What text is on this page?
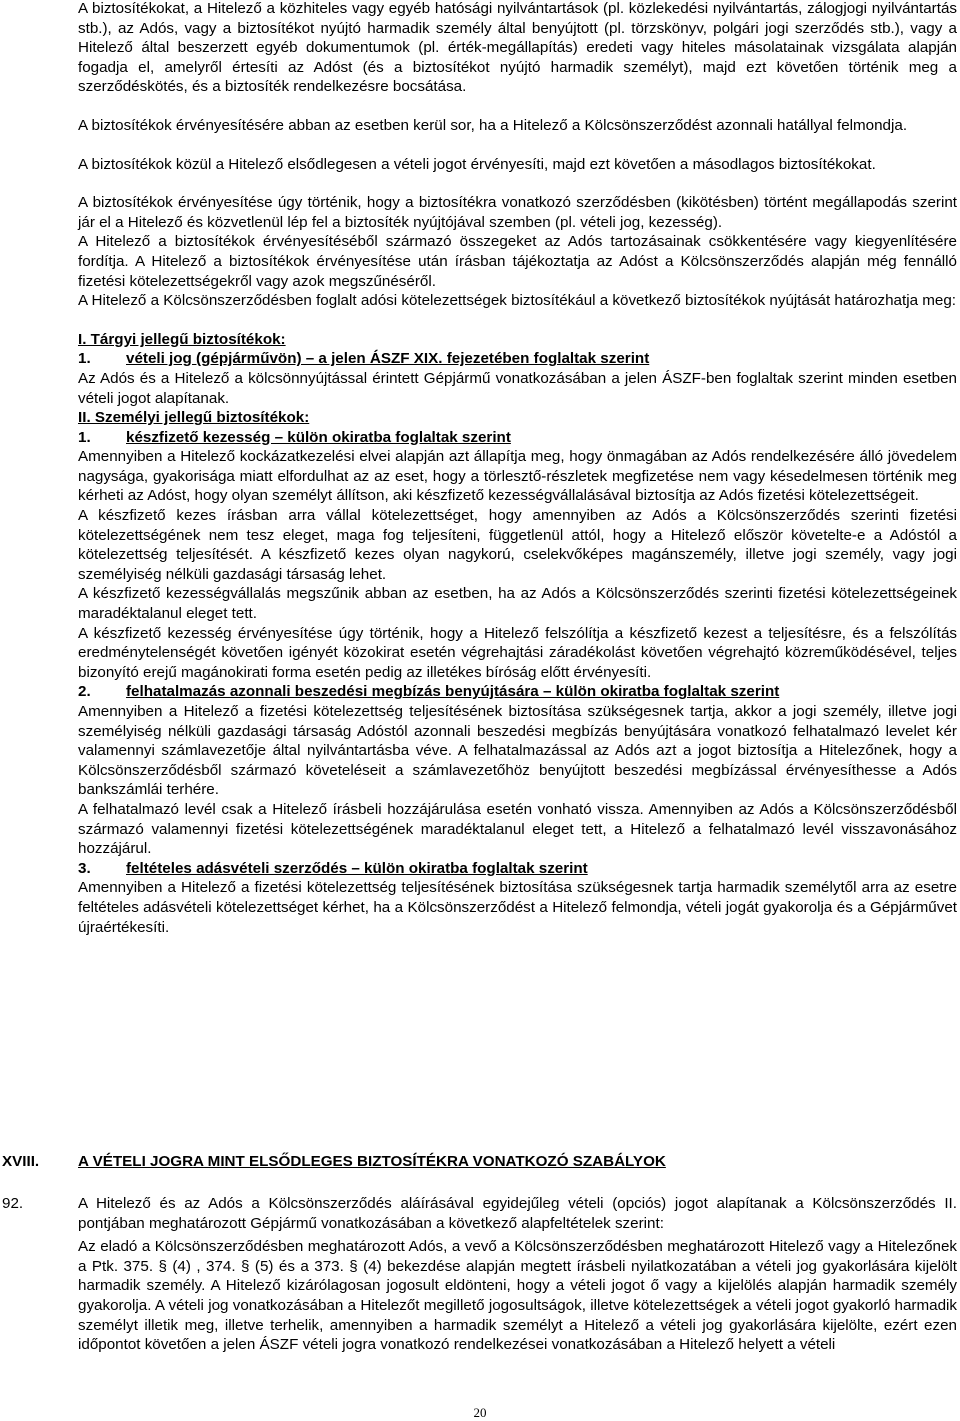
A biztosítékokat, a Hitelező a közhiteles vagy egyéb hatósági nyilvántartások (pl. közlekedési nyilvántartás, zálogjogi nyilvántartás stb.), az Adós, vagy a biztosítékot nyújtó harmadik személy által benyújtott (pl. törzskönyv, polgári jogi szerződés stb.), vagy a Hitelező által beszerzett egyéb dokumentumok (pl. érték-megállapítás) eredeti vagy hiteles másolatainak vizsgálata alapján fogadja el, amelyről értesíti az Adóst (és a biztosítékot nyújtó harmadik személyt), majd ezt követően történik meg a szerződéskötés, és a biztosíték rendelkezésre bocsátása.

A biztosítékok érvényesítésére abban az esetben kerül sor, ha a Hitelező a Kölcsönszerződést azonnali hatállyal felmondja.

A biztosítékok közül a Hitelező elsődlegesen a vételi jogot érvényesíti, majd ezt követően a másodlagos biztosítékokat.

A biztosítékok érvényesítése úgy történik, hogy a biztosítékra vonatkozó szerződésben (kikötésben) történt megállapodás szerint jár el a Hitelező és közvetlenül lép fel a biztosíték nyújtójával szemben (pl. vételi jog, kezesség).

A Hitelező a biztosítékok érvényesítéséből származó összegeket az Adós tartozásainak csökkentésére vagy kiegyenlítésére fordítja. A Hitelező a biztosítékok érvényesítése után írásban tájékoztatja az Adóst a Kölcsönszerződés alapján még fennálló fizetési kötelezettségekről vagy azok megszűnéséről.

A Hitelező a Kölcsönszerződésben foglalt adósi kötelezettségek biztosítékául a következő biztosítékok nyújtását határozhatja meg:

I. Tárgyi jellegű biztosítékok:

1. vételi jog (gépjárművön) – a jelen ÁSZF XIX. fejezetében foglaltak szerint

Az Adós és a Hitelező a kölcsönnyújtással érintett Gépjármű vonatkozásában a jelen ÁSZF-ben foglaltak szerint minden esetben vételi jogot alapítanak.

II. Személyi jellegű biztosítékok:

1. készfizető kezesség – külön okiratba foglaltak szerint

Amennyiben a Hitelező kockázatkezelési elvei alapján azt állapítja meg, hogy önmagában az Adós rendelkezésére álló jövedelem nagysága, gyakorisága miatt elfordulhat az az eset, hogy a törlesztő-részletek megfizetése nem vagy késedelmesen történik meg kérheti az Adóst, hogy olyan személyt állítson, aki készfizető kezességvállalásával biztosítja az Adós fizetési kötelezettségeit.

A készfizető kezes írásban arra vállal kötelezettséget, hogy amennyiben az Adós a Kölcsönszerződés szerinti fizetési kötelezettségének nem tesz eleget, maga fog teljesíteni, függetlenül attól, hogy a Hitelező először követelte-e a Adóstól a kötelezettség teljesítését. A készfizető kezes olyan nagykorú, cselekvőképes magánszemély, illetve jogi személy, vagy jogi személyiség nélküli gazdasági társaság lehet.

A készfizető kezességvállalás megszűnik abban az esetben, ha az Adós a Kölcsönszerződés szerinti fizetési kötelezettségeinek maradéktalanul eleget tett.

A készfizető kezesség érvényesítése úgy történik, hogy a Hitelező felszólítja a készfizető kezest a teljesítésre, és a felszólítás eredménytelenségét követően igényét közokirat esetén végrehajtási záradékolást követően végrehajtó közreműködésével, teljes bizonyító erejű magánokirati forma esetén pedig az illetékes bíróság előtt érvényesíti.

2. felhatalmazás azonnali beszedési megbízás benyújtására – külön okiratba foglaltak szerint

Amennyiben a Hitelező a fizetési kötelezettség teljesítésének biztosítása szükségesnek tartja, akkor a jogi személy, illetve jogi személyiség nélküli gazdasági társaság Adóstól azonnali beszedési megbízás benyújtására vonatkozó felhatalmazó levelet kér valamennyi számlavezetője által nyilvántartásba véve. A felhatalmazással az Adós azt a jogot biztosítja a Hitelezőnek, hogy a Kölcsönszerződésből származó követeléseit a számlavezetőhöz benyújtott beszedési megbízással érvényesíthesse a Adós bankszámlái terhére.

A felhatalmazó levél csak a Hitelező írásbeli hozzájárulása esetén vonható vissza. Amennyiben az Adós a Kölcsönszerződésből származó valamennyi fizetési kötelezettségének maradéktalanul eleget tett, a Hitelező a felhatalmazó levél visszavonásához hozzájárul.

3. feltételes adásvételi szerződés – külön okiratba foglaltak szerint

Amennyiben a Hitelező a fizetési kötelezettség teljesítésének biztosítása szükségesnek tartja harmadik személytől arra az esetre feltételes adásvételi kötelezettséget kérhet, ha a Kölcsönszerződést a Hitelező felmondja, vételi jogát gyakorolja és a Gépjárművet újraértékesíti.

XVIII.	A VÉTELI JOGRA MINT ELSŐDLEGES BIZTOSÍTÉKRA VONATKOZÓ SZABÁLYOK
92.	A Hitelező és az Adós a Kölcsönszerződés aláírásával egyidejűleg vételi (opciós) jogot alapítanak a Kölcsönszerződés II. pontjában meghatározott Gépjármű vonatkozásában a következő alapfeltételek szerint:

Az eladó a Kölcsönszerződésben meghatározott Adós, a vevő a Kölcsönszerződésben meghatározott Hitelező vagy a Hitelezőnek a Ptk. 375. § (4) , 374. § (5) és a 373. § (4) bekezdése alapján megtett írásbeli nyilatkozatában a vételi jog gyakorlására kijelölt harmadik személy. A Hitelező kizárólagosan jogosult eldönteni, hogy a vételi jogot ő vagy a kijelölés alapján harmadik személy gyakorolja. A vételi jog vonatkozásában a Hitelezőt megillető jogosultságok, illetve kötelezettségek a vételi jogot gyakorló harmadik személyt illetik meg, illetve terhelik, amennyiben a harmadik személyt a Hitelező a vételi jog gyakorlására kijelölte, ezért ezen időpontot követően a jelen ÁSZF vételi jogra vonatkozó rendelkezései vonatkozásában a Hitelező helyett a vételi

20
